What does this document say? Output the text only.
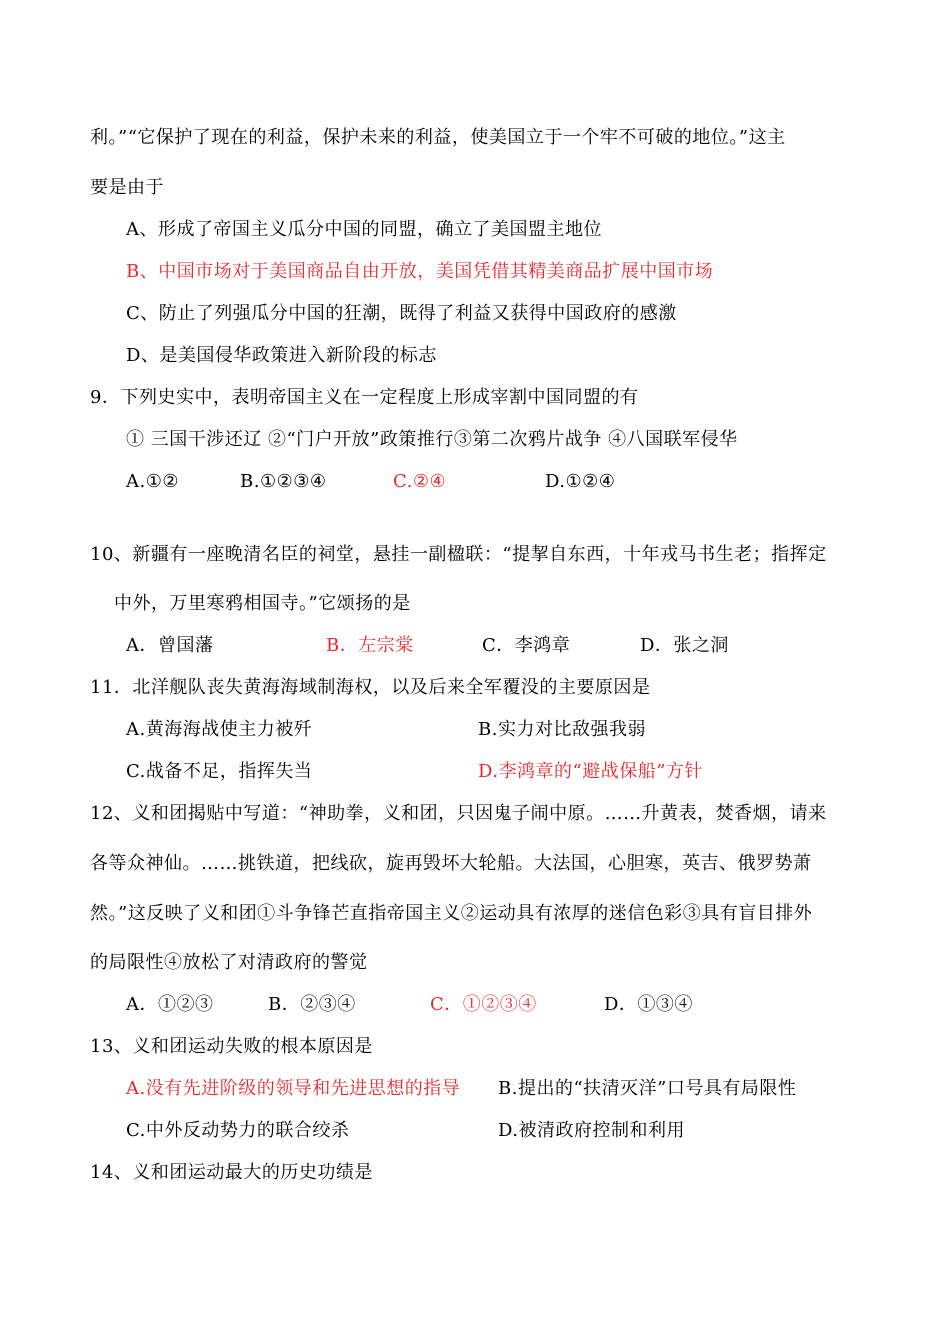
利。”“它保护了现在的利益，保护未来的利益，使美国立于一个牢不可破的地位。”这主
要是由于
A、形成了帝国主义瓜分中国的同盟，确立了美国盟主地位
B、中国市场对于美国商品自由开放，美国凭借其精美商品扩展中国市场
C、防止了列强瓜分中国的狂潮，既得了利益又获得中国政府的感激
D、是美国侵华政策进入新阶段的标志
9．下列史实中，表明帝国主义在一定程度上形成宰割中国同盟的有
① 三国干涉还辽 ②“门户开放”政策推行③第二次鸦片战争 ④八国联军侵华
A.①②	B.①②③④	C.②④	D.①②④
10、新疆有一座晚清名臣的祠堂，悬挂一副楹联：“提挈自东西，十年戎马书生老；指挥定
中外，万里寒鸦相国寺。”它颂扬的是
A．曾国藩	B．左宗棠	C．李鸿章	D．张之洞
11．北洋舰队丧失黄海海域制海权，以及后来全军覆没的主要原因是
A.黄海海战使主力被歼	B.实力对比敌强我弱
C.战备不足，指挥失当	D.李鸿章的“避战保船”方针
12、义和团揭贴中写道：“神助拳，义和团，只因鬼子闹中原。……升黄表，焚香烟，请来
各等众神仙。……挑铁道，把线砍，旋再毁坏大轮船。大法国，心胆寒，英吉、俄罗势萧
然。”这反映了义和团①斗争锋芒直指帝国主义②运动具有浓厚的迷信色彩③具有盲目排外
的局限性④放松了对清政府的警觉
A．①②③	B．②③④	C．①②③④	D．①③④
13、义和团运动失败的根本原因是
A.没有先进阶级的领导和先进思想的指导 B.提出的“扶清灭洋”口号具有局限性
C.中外反动势力的联合绞杀	D.被清政府控制和利用
14、义和团运动最大的历史功绩是
